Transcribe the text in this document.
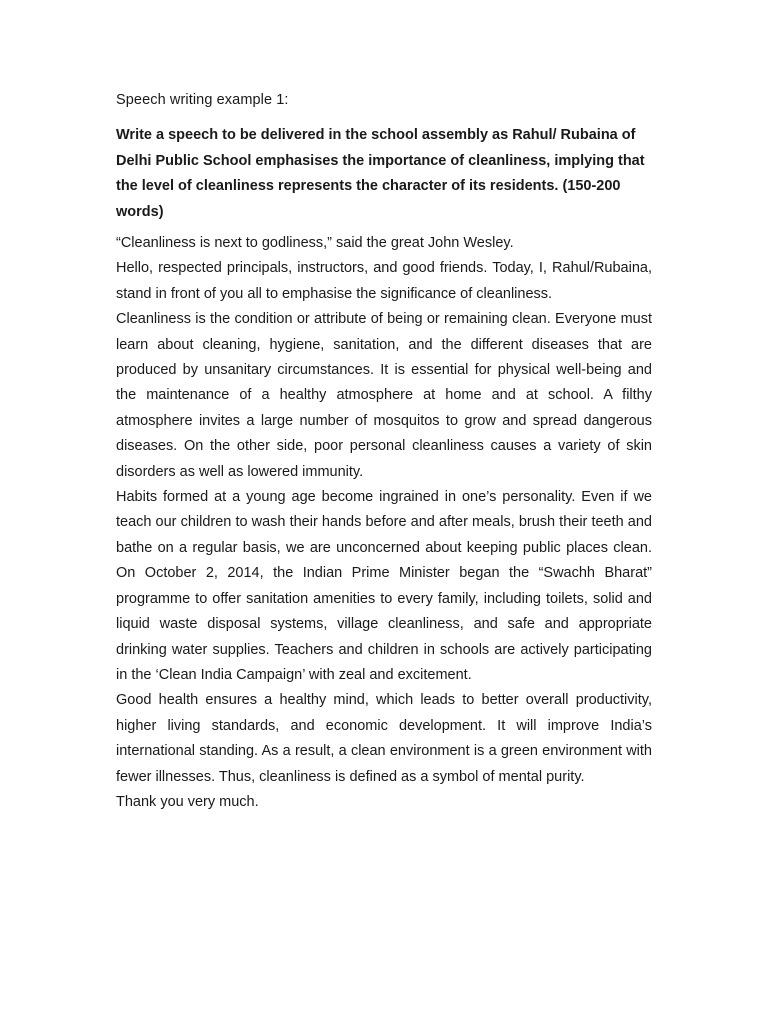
Speech writing example 1:

Write a speech to be delivered in the school assembly as Rahul/ Rubaina of Delhi Public School emphasises the importance of cleanliness, implying that the level of cleanliness represents the character of its residents. (150-200 words)

“Cleanliness is next to godliness,” said the great John Wesley.

Hello, respected principals, instructors, and good friends. Today, I, Rahul/Rubaina, stand in front of you all to emphasise the significance of cleanliness.

Cleanliness is the condition or attribute of being or remaining clean. Everyone must learn about cleaning, hygiene, sanitation, and the different diseases that are produced by unsanitary circumstances. It is essential for physical well-being and the maintenance of a healthy atmosphere at home and at school. A filthy atmosphere invites a large number of mosquitos to grow and spread dangerous diseases. On the other side, poor personal cleanliness causes a variety of skin disorders as well as lowered immunity.

Habits formed at a young age become ingrained in one’s personality. Even if we teach our children to wash their hands before and after meals, brush their teeth and bathe on a regular basis, we are unconcerned about keeping public places clean. On October 2, 2014, the Indian Prime Minister began the “Swachh Bharat” programme to offer sanitation amenities to every family, including toilets, solid and liquid waste disposal systems, village cleanliness, and safe and appropriate drinking water supplies. Teachers and children in schools are actively participating in the ‘Clean India Campaign’ with zeal and excitement.

Good health ensures a healthy mind, which leads to better overall productivity, higher living standards, and economic development. It will improve India’s international standing. As a result, a clean environment is a green environment with fewer illnesses. Thus, cleanliness is defined as a symbol of mental purity.

Thank you very much.
